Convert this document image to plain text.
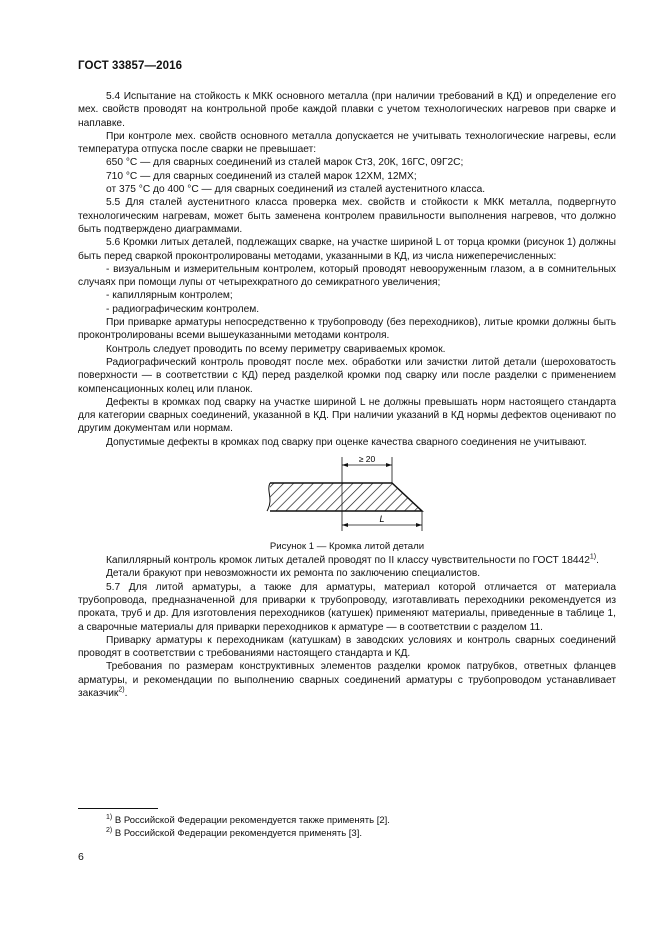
ГОСТ 33857—2016

5.4 Испытание на стойкость к МКК основного металла (при наличии требований в КД) и определение его мех. свойств проводят на контрольной пробе каждой плавки с учетом технологических нагревов при сварке и наплавке.

При контроле мех. свойств основного металла допускается не учитывать технологические нагревы, если температура отпуска после сварки не превышает:

650 °С — для сварных соединений из сталей марок Ст3, 20К, 16ГС, 09Г2С;

710 °С — для сварных соединений из сталей марок 12ХМ, 12МХ;

от 375 °С до 400 °С — для сварных соединений из сталей аустенитного класса.

5.5 Для сталей аустенитного класса проверка мех. свойств и стойкости к МКК металла, подвергнуто технологическим нагревам, может быть заменена контролем правильности выполнения нагревов, что должно быть подтверждено диаграммами.

5.6 Кромки литых деталей, подлежащих сварке, на участке шириной L от торца кромки (рисунок 1) должны быть перед сваркой проконтролированы методами, указанными в КД, из числа нижеперечисленных:

- визуальным и измерительным контролем, который проводят невооруженным глазом, а в сомнительных случаях при помощи лупы от четырехкратного до семикратного увеличения;

- капиллярным контролем;

- радиографическим контролем.

При приварке арматуры непосредственно к трубопроводу (без переходников), литые кромки должны быть проконтролированы всеми вышеуказанными методами контроля.

Контроль следует проводить по всему периметру свариваемых кромок.

Радиографический контроль проводят после мех. обработки или зачистки литой детали (шероховатость поверхности — в соответствии с КД) перед разделкой кромки под сварку или после разделки с применением компенсационных колец или планок.

Дефекты в кромках под сварку на участке шириной L не должны превышать норм настоящего стандарта для категории сварных соединений, указанной в КД. При наличии указаний в КД нормы дефектов оценивают по другим документам или нормам.

Допустимые дефекты в кромках под сварку при оценке качества сварного соединения не учитывают.

≥ 20
L
Рисунок 1 — Кромка литой детали

Капиллярный контроль кромок литых деталей проводят по II классу чувствительности по ГОСТ 18442$^{1)}$.

Детали бракуют при невозможности их ремонта по заключению специалистов.

5.7 Для литой арматуры, а также для арматуры, материал которой отличается от материала трубопровода, предназначенной для приварки к трубопроводу, изготавливать переходники рекомендуется из проката, труб и др. Для изготовления переходников (катушек) применяют материалы, приведенные в таблице 1, а сварочные материалы для приварки переходников к арматуре — в соответствии с разделом 11.

Приварку арматуры к переходникам (катушкам) в заводских условиях и контроль сварных соединений проводят в соответствии с требованиями настоящего стандарта и КД.

Требования по размерам конструктивных элементов разделки кромок патрубков, ответных фланцев арматуры, и рекомендации по выполнению сварных соединений арматуры с трубопроводом устанавливает заказчик$^{2)}$.

$^{1)}$ В Российской Федерации рекомендуется также применять [2].

$^{2)}$ В Российской Федерации рекомендуется применять [3].

6
